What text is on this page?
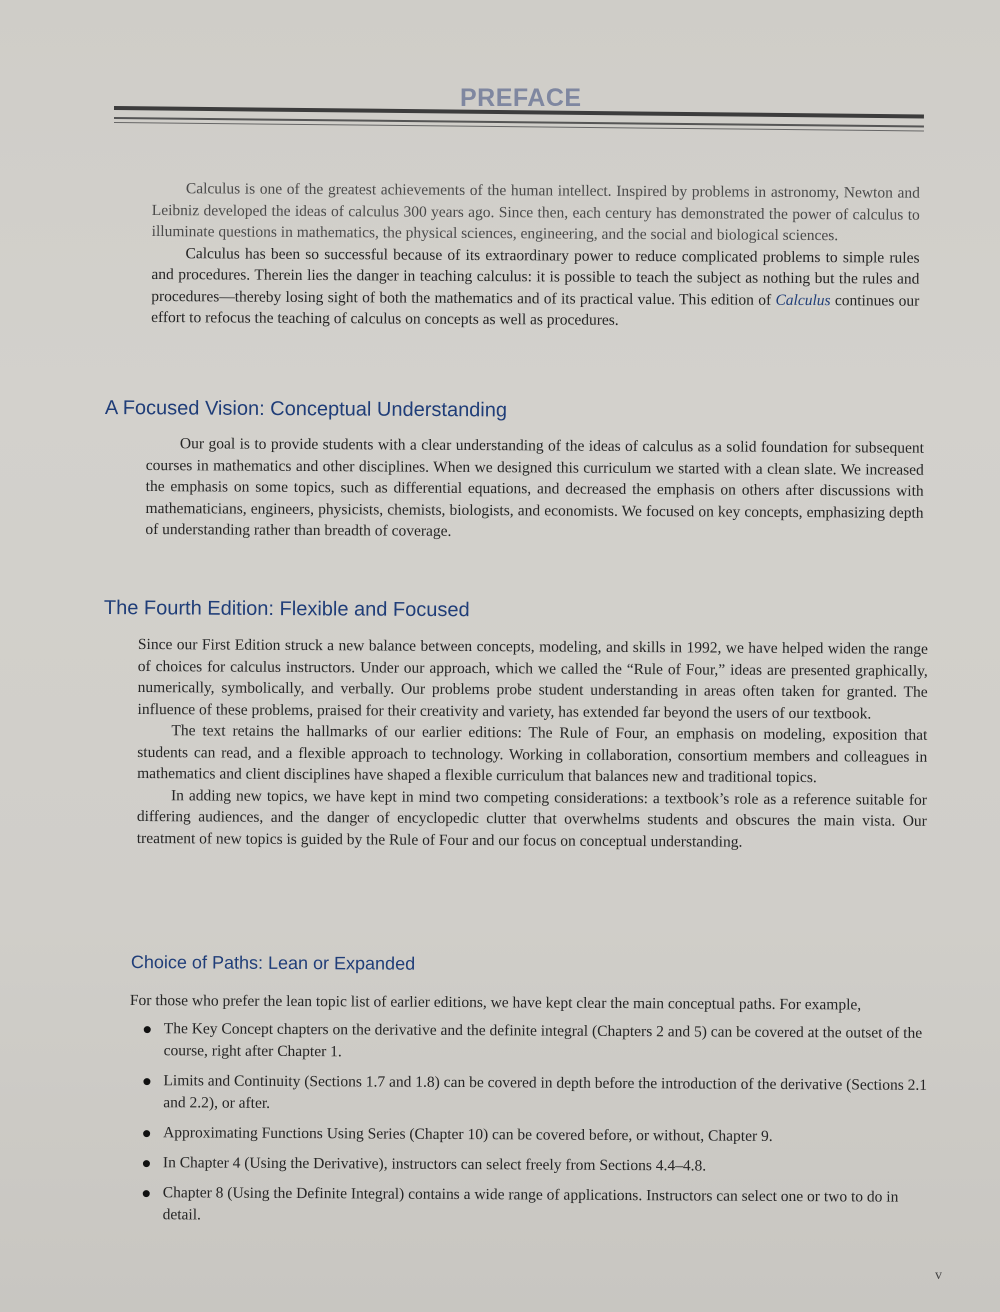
PREFACE

Calculus is one of the greatest achievements of the human intellect. Inspired by problems in astronomy, Newton and Leibniz developed the ideas of calculus 300 years ago. Since then, each century has demonstrated the power of calculus to illuminate questions in mathematics, the physical sciences, engineering, and the social and biological sciences.

Calculus has been so successful because of its extraordinary power to reduce complicated problems to simple rules and procedures. Therein lies the danger in teaching calculus: it is possible to teach the subject as nothing but the rules and procedures—thereby losing sight of both the mathematics and of its practical value. This edition of Calculus continues our effort to refocus the teaching of calculus on concepts as well as procedures.

A Focused Vision: Conceptual Understanding

Our goal is to provide students with a clear understanding of the ideas of calculus as a solid foundation for subsequent courses in mathematics and other disciplines. When we designed this curriculum we started with a clean slate. We increased the emphasis on some topics, such as differential equations, and decreased the emphasis on others after discussions with mathematicians, engineers, physicists, chemists, biologists, and economists. We focused on key concepts, emphasizing depth of understanding rather than breadth of coverage.

The Fourth Edition: Flexible and Focused

Since our First Edition struck a new balance between concepts, modeling, and skills in 1992, we have helped widen the range of choices for calculus instructors. Under our approach, which we called the “Rule of Four,” ideas are presented graphically, numerically, symbolically, and verbally. Our problems probe student understanding in areas often taken for granted. The influence of these problems, praised for their creativity and variety, has extended far beyond the users of our textbook.

The text retains the hallmarks of our earlier editions: The Rule of Four, an emphasis on modeling, exposition that students can read, and a flexible approach to technology. Working in collaboration, consortium members and colleagues in mathematics and client disciplines have shaped a flexible curriculum that balances new and traditional topics.

In adding new topics, we have kept in mind two competing considerations: a textbook’s role as a reference suitable for differing audiences, and the danger of encyclopedic clutter that overwhelms students and obscures the main vista. Our treatment of new topics is guided by the Rule of Four and our focus on conceptual understanding.

Choice of Paths: Lean or Expanded

For those who prefer the lean topic list of earlier editions, we have kept clear the main conceptual paths. For example,

The Key Concept chapters on the derivative and the definite integral (Chapters 2 and 5) can be covered at the outset of the course, right after Chapter 1.
Limits and Continuity (Sections 1.7 and 1.8) can be covered in depth before the introduction of the derivative (Sections 2.1 and 2.2), or after.
Approximating Functions Using Series (Chapter 10) can be covered before, or without, Chapter 9.
In Chapter 4 (Using the Derivative), instructors can select freely from Sections 4.4–4.8.
Chapter 8 (Using the Definite Integral) contains a wide range of applications. Instructors can select one or two to do in detail.
v
